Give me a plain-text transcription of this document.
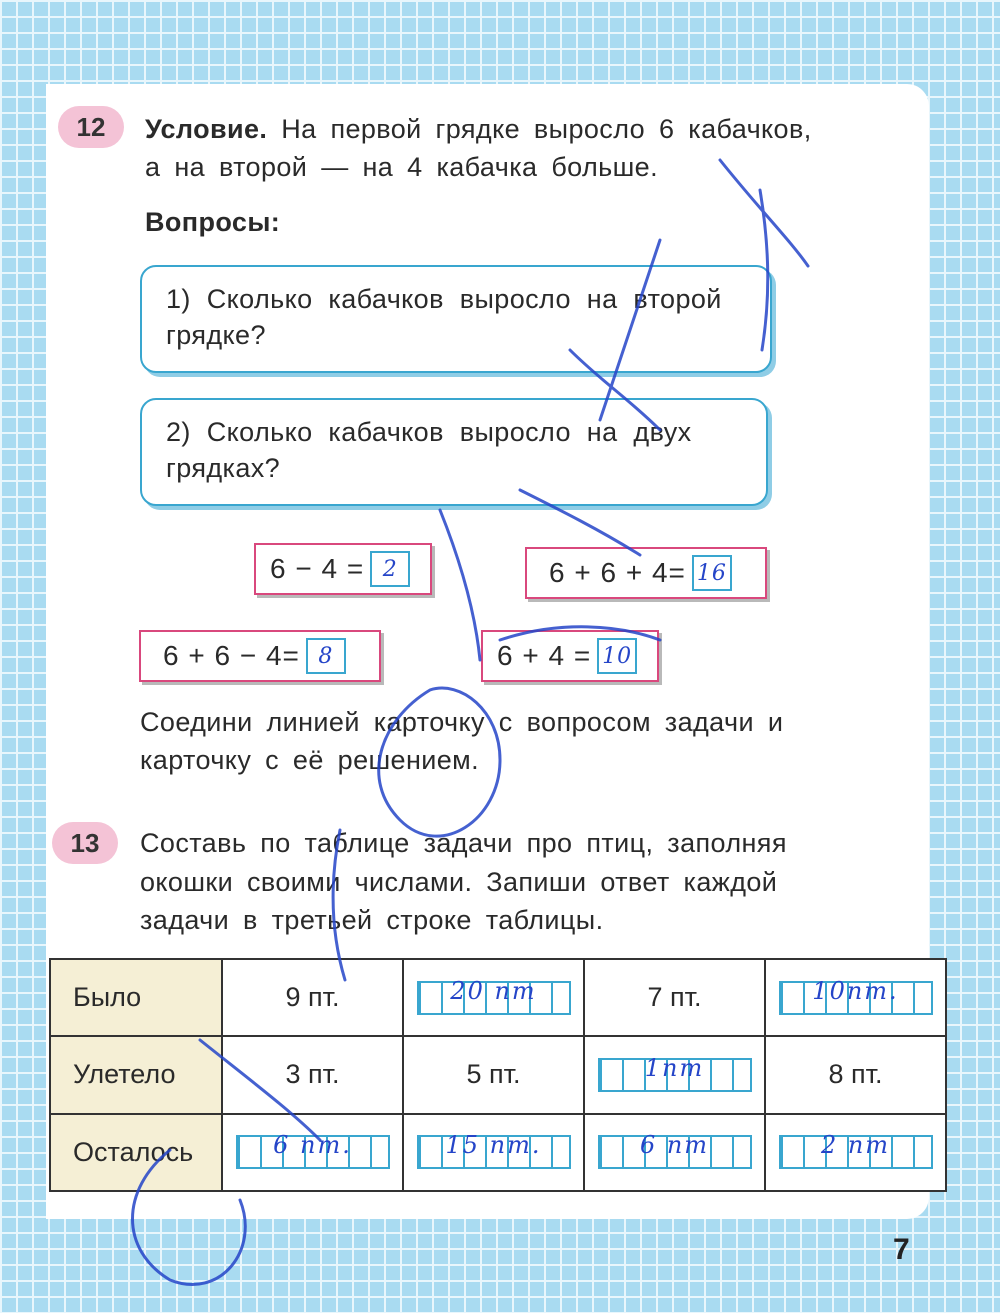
12 Условие. На первой грядке выросло 6 кабачков,
а на второй — на 4 кабачка больше.
Вопросы:
1) Сколько кабачков выросло на второй грядке?
2) Сколько кабачков выросло на двух грядках?
6 − 4 = 2	6 + 6 + 4= 16
6 + 6 − 4= 8	6 + 4 = 10
Соедини линией карточку с вопросом задачи и
карточку с её решением.
13 Составь по таблице задачи про птиц, заполняя
окошки своими числами. Запиши ответ каждой
задачи в третьей строке таблицы.
Было	9 пт.	20 пт	7 пт.	10пт.

Улетело	3 пт.	5 пт.	1пт	8 пт.
Осталось	6 пт.	15 пт.	6 пт	2 пт
7
